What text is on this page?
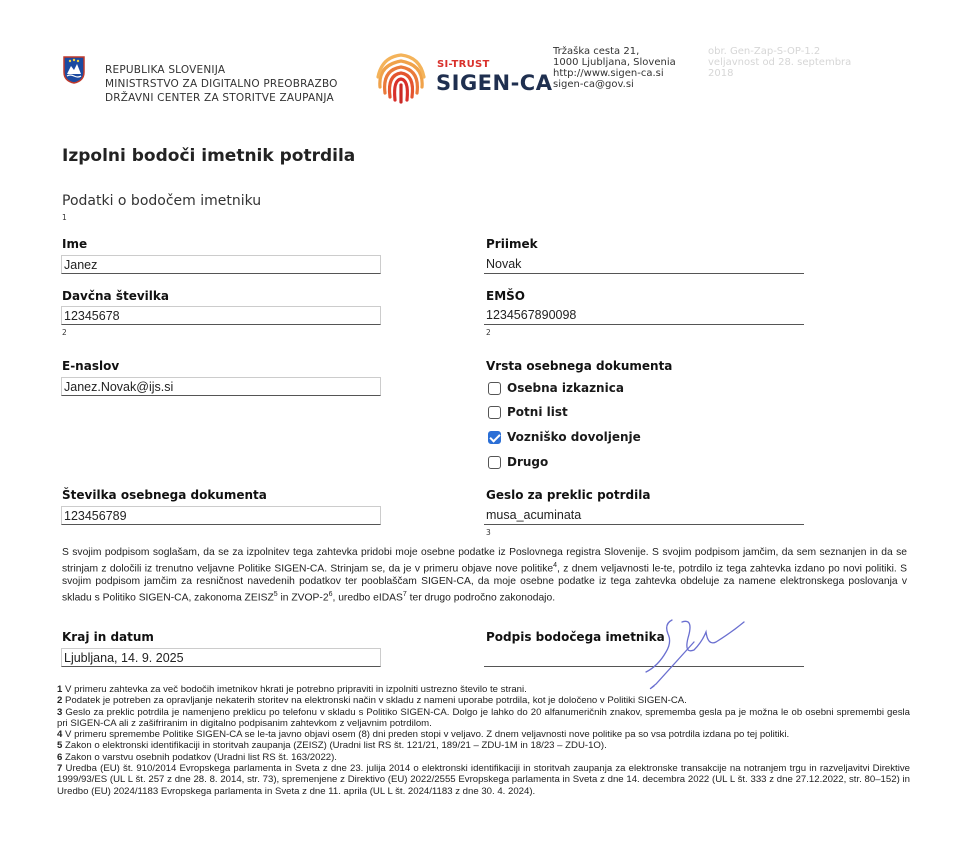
REPUBLIKA SLOVENIJA
MINISTRSTVO ZA DIGITALNO PREOBRAZBO
DRŽAVNI CENTER ZA STORITVE ZAUPANJA
SI-TRUST
SIGEN-CA
Tržaška cesta 21,
1000 Ljubljana, Slovenia
http://www.sigen-ca.si
sigen-ca@gov.si
obr. Gen-Zap-S-OP-1.2
veljavnost od 28. septembra
2018
Izpolni bodoči imetnik potrdila
Podatki o bodočem imetniku
1
Ime
Janez
Davčna številka
12345678
2
E-naslov
Janez.Novak@ijs.si
Številka osebnega dokumenta
123456789
Priimek
Novak
EMŠO
1234567890098
2
Vrsta osebnega dokumenta
Osebna izkaznica
Potni list
Vozniško dovoljenje
Drugo
Geslo za preklic potrdila
musa_acuminata
3
S svojim podpisom soglašam, da se za izpolnitev tega zahtevka pridobi moje osebne podatke iz Poslovnega registra Slovenije. S svojim podpisom jamčim, da sem seznanjen in da se strinjam z določili iz trenutno veljavne Politike SIGEN-CA. Strinjam se, da je v primeru objave nove politike$^4$, z dnem veljavnosti le-te, potrdilo iz tega zahtevka izdano po novi politiki. S svojim podpisom jamčim za resničnost navedenih podatkov ter pooblaščam SIGEN-CA, da moje osebne podatke iz tega zahtevka obdeluje za namene elektronskega poslovanja v skladu s Politiko SIGEN-CA, zakonoma ZEISZ$^5$ in ZVOP-$2^6$, uredbo eIDAS$^7$ ter drugo področno zakonodajo.
Kraj in datum
Ljubljana, 14. 9. 2025
Podpis bodočega imetnika
1 V primeru zahtevka za več bodočih imetnikov hkrati je potrebno pripraviti in izpolniti ustrezno število te strani.
2 Podatek je potreben za opravljanje nekaterih storitev na elektronski način v skladu z nameni uporabe potrdila, kot je določeno v Politiki SIGEN-CA.
3 Geslo za preklic potrdila je namenjeno preklicu po telefonu v skladu s Politiko SIGEN-CA. Dolgo je lahko do 20 alfanumeričnih znakov, sprememba gesla pa je možna le ob osebni spremembi gesla pri SIGEN-CA ali z zašifriranim in digitalno podpisanim zahtevkom z veljavnim potrdilom.
4 V primeru spremembe Politike SIGEN-CA se le-ta javno objavi osem (8) dni preden stopi v veljavo. Z dnem veljavnosti nove politike pa so vsa potrdila izdana po tej politiki.
5 Zakon o elektronski identifikaciji in storitvah zaupanja (ZEISZ) (Uradni list RS št. 121/21, 189/21 – ZDU-1M in 18/23 – ZDU-1O).
6 Zakon o varstvu osebnih podatkov (Uradni list RS št. 163/2022).
7 Uredba (EU) št. 910/2014 Evropskega parlamenta in Sveta z dne 23. julija 2014 o elektronski identifikaciji in storitvah zaupanja za elektronske transakcije na notranjem trgu in razveljavitvi Direktive 1999/93/ES (UL L št. 257 z dne 28. 8. 2014, str. 73), spremenjene z Direktivo (EU) 2022/2555 Evropskega parlamenta in Sveta z dne 14. decembra 2022 (UL L št. 333 z dne 27.12.2022, str. 80–152) in Uredbo (EU) 2024/1183 Evropskega parlamenta in Sveta z dne 11. aprila (UL L št. 2024/1183 z dne 30. 4. 2024).
